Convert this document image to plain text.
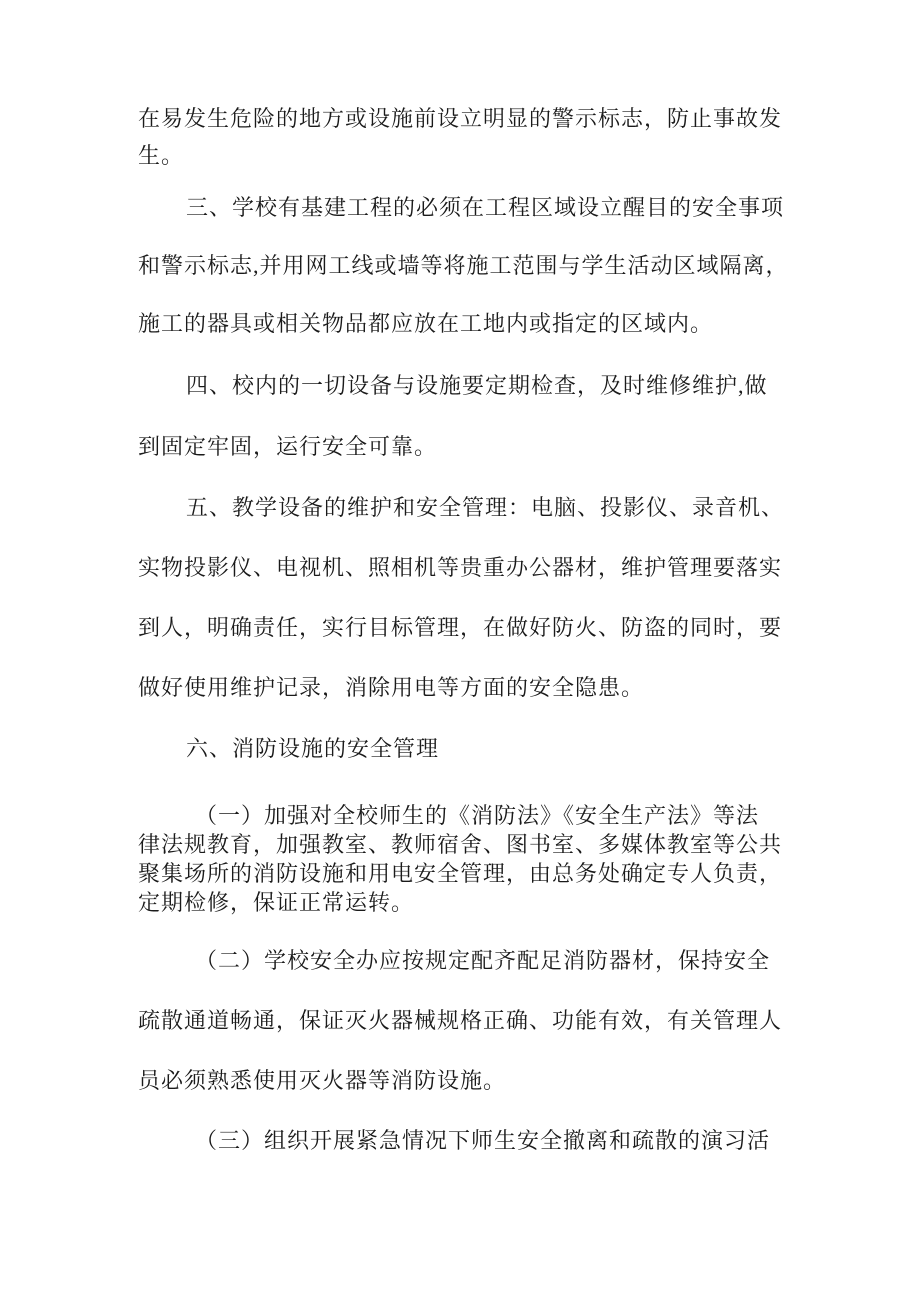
在易发生危险的地方或设施前设立明显的警示标志，防止事故发
生。
三、学校有基建工程的必须在工程区域设立醒目的安全事项
和警示标志,并用网工线或墙等将施工范围与学生活动区域隔离，
施工的器具或相关物品都应放在工地内或指定的区域内。
四、校内的一切设备与设施要定期检查，及时维修维护,做
到固定牢固，运行安全可靠。
五、教学设备的维护和安全管理：电脑、投影仪、录音机、
实物投影仪、电视机、照相机等贵重办公器材，维护管理要落实
到人，明确责任，实行目标管理，在做好防火、防盗的同时，要
做好使用维护记录，消除用电等方面的安全隐患。
六、消防设施的安全管理
（一）加强对全校师生的《消防法》《安全生产法》等法
律法规教育，加强教室、教师宿舍、图书室、多媒体教室等公共
聚集场所的消防设施和用电安全管理，由总务处确定专人负责，
定期检修，保证正常运转。
（二）学校安全办应按规定配齐配足消防器材，保持安全
疏散通道畅通，保证灭火器械规格正确、功能有效，有关管理人
员必须熟悉使用灭火器等消防设施。
（三）组织开展紧急情况下师生安全撤离和疏散的演习活
